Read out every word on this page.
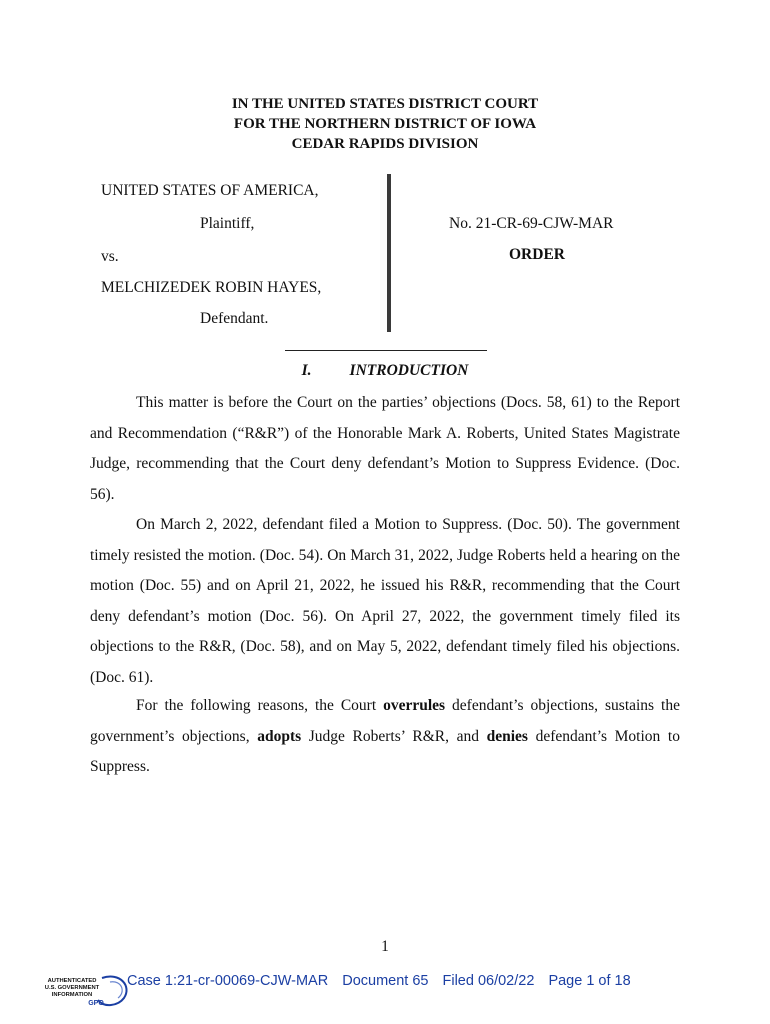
IN THE UNITED STATES DISTRICT COURT
FOR THE NORTHERN DISTRICT OF IOWA
CEDAR RAPIDS DIVISION
UNITED STATES OF AMERICA,
Plaintiff,
vs.
MELCHIZEDEK ROBIN HAYES,
Defendant.
No. 21-CR-69-CJW-MAR
ORDER
I. INTRODUCTION
This matter is before the Court on the parties’ objections (Docs. 58, 61) to the Report and Recommendation (“R&R”) of the Honorable Mark A. Roberts, United States Magistrate Judge, recommending that the Court deny defendant’s Motion to Suppress Evidence. (Doc. 56).
On March 2, 2022, defendant filed a Motion to Suppress. (Doc. 50). The government timely resisted the motion. (Doc. 54). On March 31, 2022, Judge Roberts held a hearing on the motion (Doc. 55) and on April 21, 2022, he issued his R&R, recommending that the Court deny defendant’s motion (Doc. 56). On April 27, 2022, the government timely filed its objections to the R&R, (Doc. 58), and on May 5, 2022, defendant timely filed his objections. (Doc. 61).
For the following reasons, the Court overrules defendant’s objections, sustains the government’s objections, adopts Judge Roberts’ R&R, and denies defendant’s Motion to Suppress.
1
AUTHENTICATED
U.S. GOVERNMENT
INFORMATION
GPO
Case 1:21-cr-00069-CJW-MAR Document 65 Filed 06/02/22 Page 1 of 18
